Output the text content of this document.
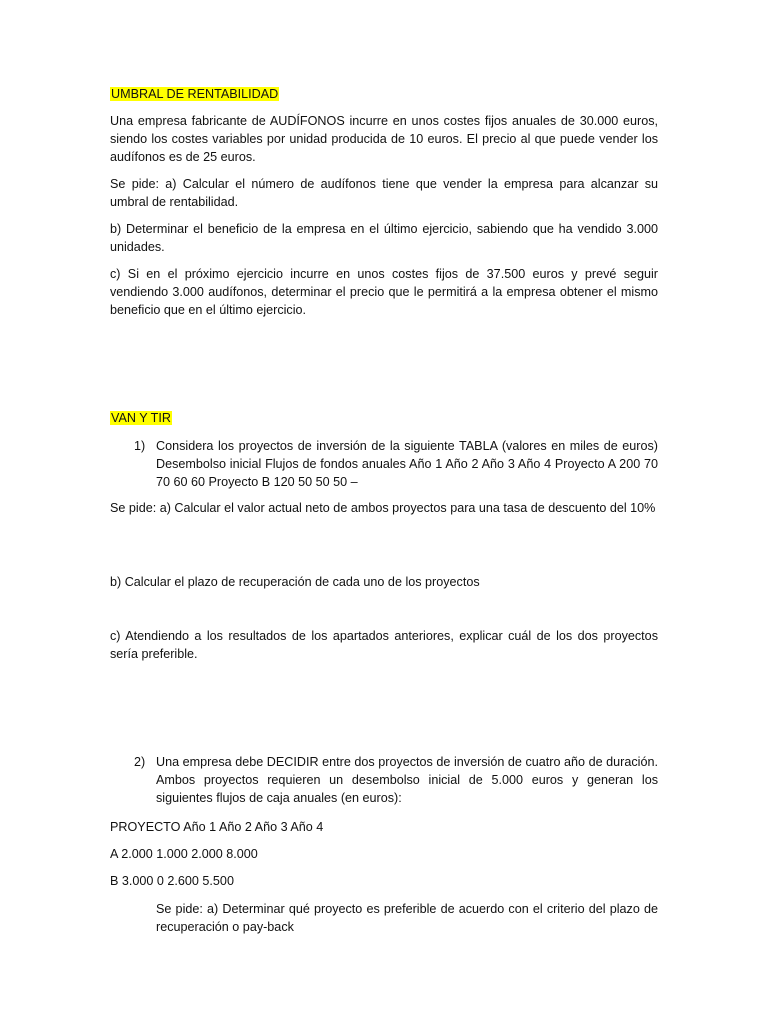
UMBRAL DE RENTABILIDAD
Una empresa fabricante de AUDÍFONOS incurre en unos costes fijos anuales de 30.000 euros, siendo los costes variables por unidad producida de 10 euros. El precio al que puede vender los audífonos es de 25 euros.
Se pide: a) Calcular el número de audífonos tiene que vender la empresa para alcanzar su umbral de rentabilidad.
b) Determinar el beneficio de la empresa en el último ejercicio, sabiendo que ha vendido 3.000 unidades.
c) Si en el próximo ejercicio incurre en unos costes fijos de 37.500 euros y prevé seguir vendiendo 3.000 audífonos, determinar el precio que le permitirá a la empresa obtener el mismo beneficio que en el último ejercicio.
VAN Y TIR
1) Considera los proyectos de inversión de la siguiente TABLA (valores en miles de euros) Desembolso inicial Flujos de fondos anuales Año 1 Año 2 Año 3 Año 4 Proyecto A 200 70 70 60 60 Proyecto B 120 50 50 50 –
Se pide: a) Calcular el valor actual neto de ambos proyectos para una tasa de descuento del 10%
b) Calcular el plazo de recuperación de cada uno de los proyectos
c) Atendiendo a los resultados de los apartados anteriores, explicar cuál de los dos proyectos sería preferible.
2) Una empresa debe DECIDIR entre dos proyectos de inversión de cuatro año de duración. Ambos proyectos requieren un desembolso inicial de 5.000 euros y generan los siguientes flujos de caja anuales (en euros):
PROYECTO Año 1 Año 2 Año 3 Año 4
A 2.000 1.000 2.000 8.000
B 3.000 0 2.600 5.500
Se pide: a) Determinar qué proyecto es preferible de acuerdo con el criterio del plazo de recuperación o pay-back
